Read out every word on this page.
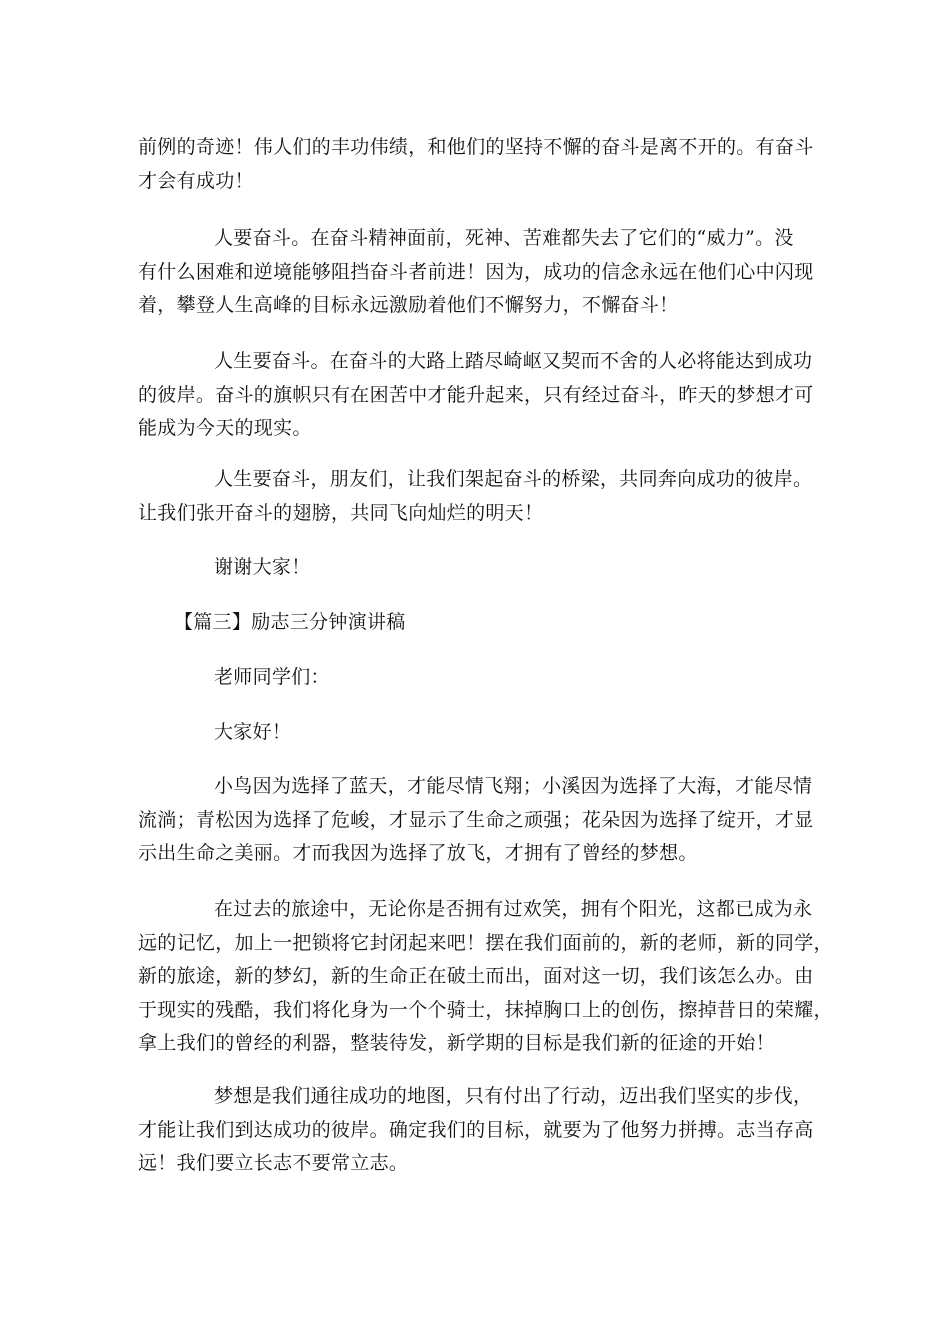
前例的奇迹！伟人们的丰功伟绩，和他们的坚持不懈的奋斗是离不开的。有奋斗
才会有成功！
人要奋斗。在奋斗精神面前，死神、苦难都失去了它们的“威力”。没
有什么困难和逆境能够阻挡奋斗者前进！因为，成功的信念永远在他们心中闪现
着，攀登人生高峰的目标永远激励着他们不懈努力，不懈奋斗！
人生要奋斗。在奋斗的大路上踏尽崎岖又契而不舍的人必将能达到成功
的彼岸。奋斗的旗帜只有在困苦中才能升起来，只有经过奋斗，昨天的梦想才可
能成为今天的现实。
人生要奋斗，朋友们，让我们架起奋斗的桥梁，共同奔向成功的彼岸。
让我们张开奋斗的翅膀，共同飞向灿烂的明天！
谢谢大家！
【篇三】励志三分钟演讲稿
老师同学们：
大家好！
小鸟因为选择了蓝天，才能尽情飞翔；小溪因为选择了大海，才能尽情
流淌；青松因为选择了危峻，才显示了生命之顽强；花朵因为选择了绽开，才显
示出生命之美丽。才而我因为选择了放飞，才拥有了曾经的梦想。
在过去的旅途中，无论你是否拥有过欢笑，拥有个阳光，这都已成为永
远的记忆，加上一把锁将它封闭起来吧！摆在我们面前的，新的老师，新的同学，
新的旅途，新的梦幻，新的生命正在破土而出，面对这一切，我们该怎么办。由
于现实的残酷，我们将化身为一个个骑士，抹掉胸口上的创伤，擦掉昔日的荣耀，
拿上我们的曾经的利器，整装待发，新学期的目标是我们新的征途的开始！
梦想是我们通往成功的地图，只有付出了行动，迈出我们坚实的步伐，
才能让我们到达成功的彼岸。确定我们的目标，就要为了他努力拼搏。志当存高
远！我们要立长志不要常立志。
